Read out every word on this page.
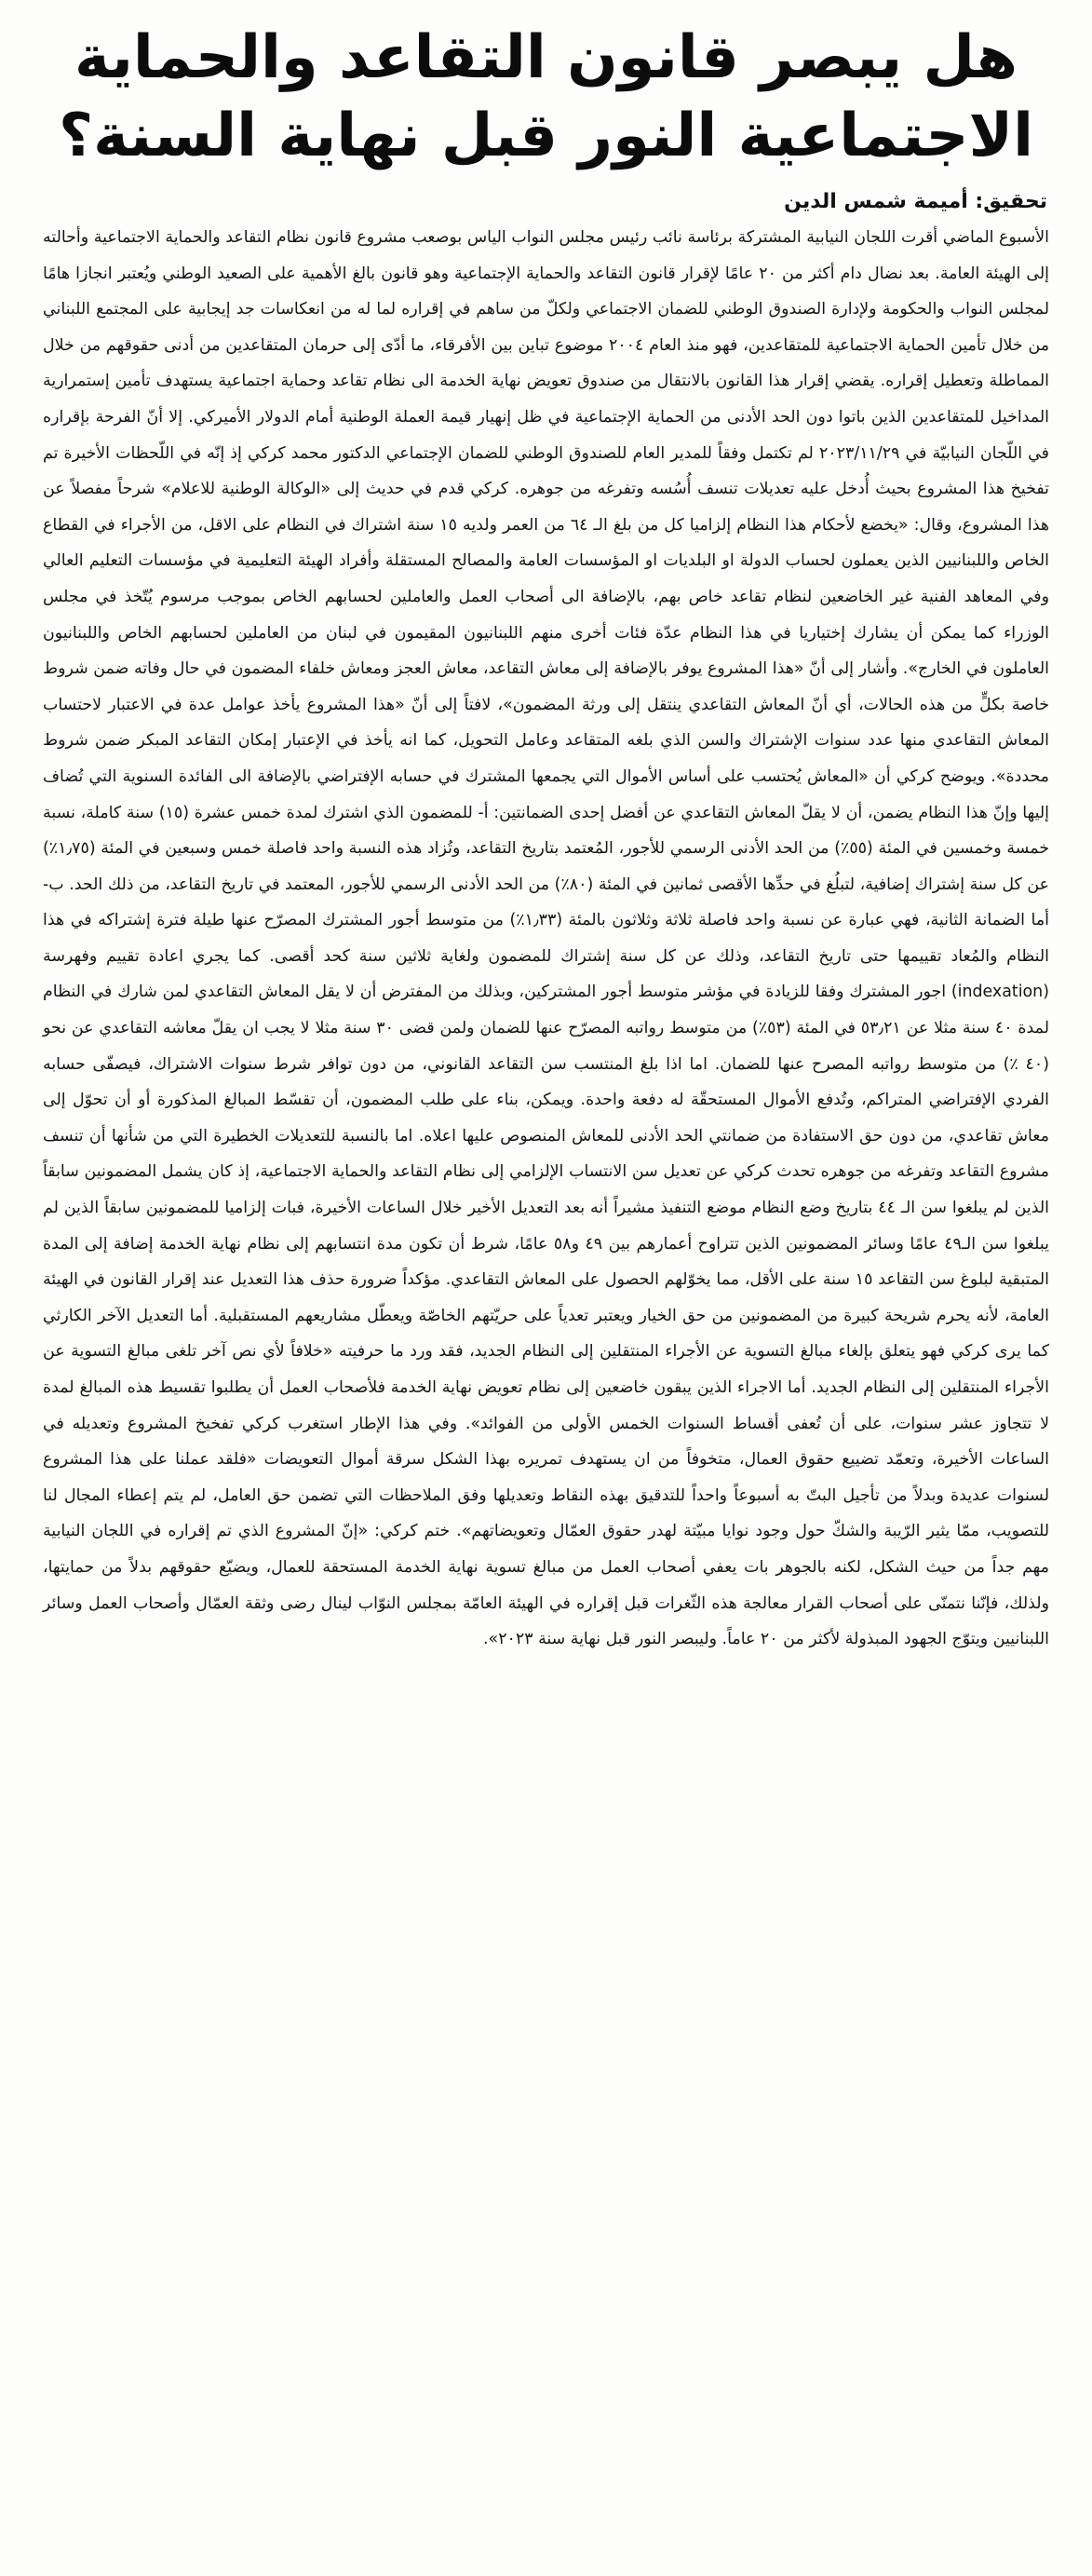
هل يبصر قانون التقاعد والحماية
الاجتماعية النور قبل نهاية السنة؟
تحقيق: أميمة شمس الدين

الأسبوع الماضي أقرت اللجان النيابية المشتركة برئاسة نائب رئيس مجلس النواب الياس بوصعب مشروع قانون نظام التقاعد والحماية الاجتماعية وأحالته إلى الهيئة العامة. بعد نضال دام أكثر من ٢٠ عامًا لإقرار قانون التقاعد والحماية الإجتماعية وهو قانون بالغ الأهمية على الصعيد الوطني ويُعتبر انجازا هامًا لمجلس النواب والحكومة ولإدارة الصندوق الوطني للضمان الاجتماعي ولكلّ من ساهم في إقراره لما له من انعكاسات جد إيجابية على المجتمع اللبناني من خلال تأمين الحماية الاجتماعية للمتقاعدين، فهو منذ العام ٢٠٠٤ موضوع تباين بين الأفرقاء، ما أدّى إلى حرمان المتقاعدين من أدنى حقوقهم من خلال المماطلة وتعطيل إقراره. يقضي إقرار هذا القانون بالانتقال من صندوق تعويض نهاية الخدمة الى نظام تقاعد وحماية اجتماعية يستهدف تأمين إستمرارية المداخيل للمتقاعدين الذين باتوا دون الحد الأدنى من الحماية الإجتماعية في ظل إنهيار قيمة العملة الوطنية أمام الدولار الأميركي. إلا أنّ الفرحة بإقراره في اللّجان النيابيّة في ٢٠٢٣/١١/٢٩ لم تكتمل وفقاً للمدير العام للصندوق الوطني للضمان الإجتماعي الدكتور محمد كركي إذ إنّه في اللّحظات الأخيرة تم تفخيخ هذا المشروع بحيث أُدخل عليه تعديلات تنسف أُسُسه وتفرغه من جوهره. كركي قدم في حديث إلى «الوكالة الوطنية للاعلام» شرحاً مفصلاً عن هذا المشروع، وقال: «يخضع لأحكام هذا النظام إلزاميا كل من بلغ الـ ٦٤ من العمر ولديه ١٥ سنة اشتراك في النظام على الاقل، من الأجراء في القطاع الخاص واللبنانيين الذين يعملون لحساب الدولة او البلديات او المؤسسات العامة والمصالح المستقلة وأفراد الهيئة التعليمية في مؤسسات التعليم العالي وفي المعاهد الفنية غير الخاضعين لنظام تقاعد خاص بهم، بالإضافة الى أصحاب العمل والعاملين لحسابهم الخاص بموجب مرسوم يُتّخذ في مجلس الوزراء كما يمكن أن يشارك إختياريا في هذا النظام عدّة فئات أخرى منهم اللبنانيون المقيمون في لبنان من العاملين لحسابهم الخاص واللبنانيون العاملون في الخارج». وأشار إلى أنّ «هذا المشروع يوفر بالإضافة إلى معاش التقاعد، معاش العجز ومعاش خلفاء المضمون في حال وفاته ضمن شروط خاصة بكلٍّ من هذه الحالات، أي أنّ المعاش التقاعدي ينتقل إلى ورثة المضمون»، لافتاً إلى أنّ «هذا المشروع يأخذ عوامل عدة في الاعتبار لاحتساب المعاش التقاعدي منها عدد سنوات الإشتراك والسن الذي بلغه المتقاعد وعامل التحويل، كما انه يأخذ في الإعتبار إمكان التقاعد المبكر ضمن شروط محددة». ويوضح كركي أن «المعاش يُحتسب على أساس الأموال التي يجمعها المشترك في حسابه الإفتراضي بالإضافة الى الفائدة السنوية التي تُضاف إليها وإنّ هذا النظام يضمن، أن لا يقلّ المعاش التقاعدي عن أفضل إحدى الضمانتين: أ- للمضمون الذي اشترك لمدة خمس عشرة (١٥) سنة كاملة، نسبة خمسة وخمسين في المئة (٥٥٪) من الحد الأدنى الرسمي للأجور، المُعتمد بتاريخ التقاعد، وتُزاد هذه النسبة واحد فاصلة خمس وسبعين في المئة (١٫٧٥٪) عن كل سنة إشتراك إضافية، لتبلُغ في حدِّها الأقصى ثمانين في المئة (٨٠٪) من الحد الأدنى الرسمي للأجور، المعتمد في تاريخ التقاعد، من ذلك الحد. ب- أما الضمانة الثانية، فهي عبارة عن نسبة واحد فاصلة ثلاثة وثلاثون بالمئة (١٫٣٣٪) من متوسط أجور المشترك المصرّح عنها طيلة فترة إشتراكه في هذا النظام والمُعاد تقييمها حتى تاريخ التقاعد، وذلك عن كل سنة إشتراك للمضمون ولغاية ثلاثين سنة كحد أقصى. كما يجري اعادة تقييم وفهرسة (indexation) اجور المشترك وفقا للزيادة في مؤشر متوسط أجور المشتركين، وبذلك من المفترض أن لا يقل المعاش التقاعدي لمن شارك في النظام لمدة ٤٠ سنة مثلا عن ٥٣٫٢١ في المئة (٥٣٪) من متوسط رواتبه المصرّح عنها للضمان ولمن قضى ٣٠ سنة مثلا لا يجب ان يقلّ معاشه التقاعدي عن نحو (٤٠ ٪) من متوسط رواتبه المصرح عنها للضمان. اما اذا بلغ المنتسب سن التقاعد القانوني، من دون توافر شرط سنوات الاشتراك، فيصفّى حسابه الفردي الإفتراضي المتراكم، وتُدفع الأموال المستحقّة له دفعة واحدة. ويمكن، بناء على طلب المضمون، أن تقسّط المبالغ المذكورة أو أن تحوّل إلى معاش تقاعدي، من دون حق الاستفادة من ضمانتي الحد الأدنى للمعاش المنصوص عليها اعلاه. اما بالنسبة للتعديلات الخطيرة التي من شأنها أن تنسف مشروع التقاعد وتفرغه من جوهره تحدث كركي عن تعديل سن الانتساب الإلزامي إلى نظام التقاعد والحماية الاجتماعية، إذ كان يشمل المضمونين سابقاً الذين لم يبلغوا سن الـ ٤٤ بتاريخ وضع النظام موضع التنفيذ مشيراً أنه بعد التعديل الأخير خلال الساعات الأخيرة، فبات إلزاميا للمضمونين سابقاً الذين لم يبلغوا سن الـ٤٩ عامًا وسائر المضمونين الذين تتراوح أعمارهم بين ٤٩ و٥٨ عامًا، شرط أن تكون مدة انتسابهم إلى نظام نهاية الخدمة إضافة إلى المدة المتبقية لبلوغ سن التقاعد ١٥ سنة على الأقل، مما يخوّلهم الحصول على المعاش التقاعدي. مؤكداً ضرورة حذف هذا التعديل عند إقرار القانون في الهيئة العامة، لأنه يحرم شريحة كبيرة من المضمونين من حق الخيار ويعتبر تعدياً على حريّتهم الخاصّة ويعطّل مشاريعهم المستقبلية. أما التعديل الآخر الكارثي كما يرى كركي فهو يتعلق بإلغاء مبالغ التسوية عن الأجراء المنتقلين إلى النظام الجديد، فقد ورد ما حرفيته «خلافاً لأي نص آخر تلغى مبالغ التسوية عن الأجراء المنتقلين إلى النظام الجديد. أما الاجراء الذين يبقون خاضعين إلى نظام تعويض نهاية الخدمة فلأصحاب العمل أن يطلبوا تقسيط هذه المبالغ لمدة لا تتجاوز عشر سنوات، على أن تُعفى أقساط السنوات الخمس الأولى من الفوائد». وفي هذا الإطار استغرب كركي تفخيخ المشروع وتعديله في الساعات الأخيرة، وتعمّد تضييع حقوق العمال، متخوفاً من ان يستهدف تمريره بهذا الشكل سرقة أموال التعويضات «فلقد عملنا على هذا المشروع لسنوات عديدة وبدلاً من تأجيل البتّ به أسبوعاً واحداً للتدقيق بهذه النقاط وتعديلها وفق الملاحظات التي تضمن حق العامل، لم يتم إعطاء المجال لنا للتصويب، ممّا يثير الرّيبة والشكّ حول وجود نوايا مبيّتة لهدر حقوق العمّال وتعويضاتهم». ختم كركي: «إنّ المشروع الذي تم إقراره في اللجان النيابية مهم جداً من حيث الشكل، لكنه بالجوهر بات يعفي أصحاب العمل من مبالغ تسوية نهاية الخدمة المستحقة للعمال، ويضيّع حقوقهم بدلاً من حمايتها، ولذلك، فإنّنا نتمنّى على أصحاب القرار معالجة هذه الثّغرات قبل إقراره في الهيئة العامّة بمجلس النوّاب لينال رضى وثقة العمّال وأصحاب العمل وسائر اللبنانيين ويتوّج الجهود المبذولة لأكثر من ٢٠ عاماً. وليبصر النور قبل نهاية سنة ٢٠٢٣».
